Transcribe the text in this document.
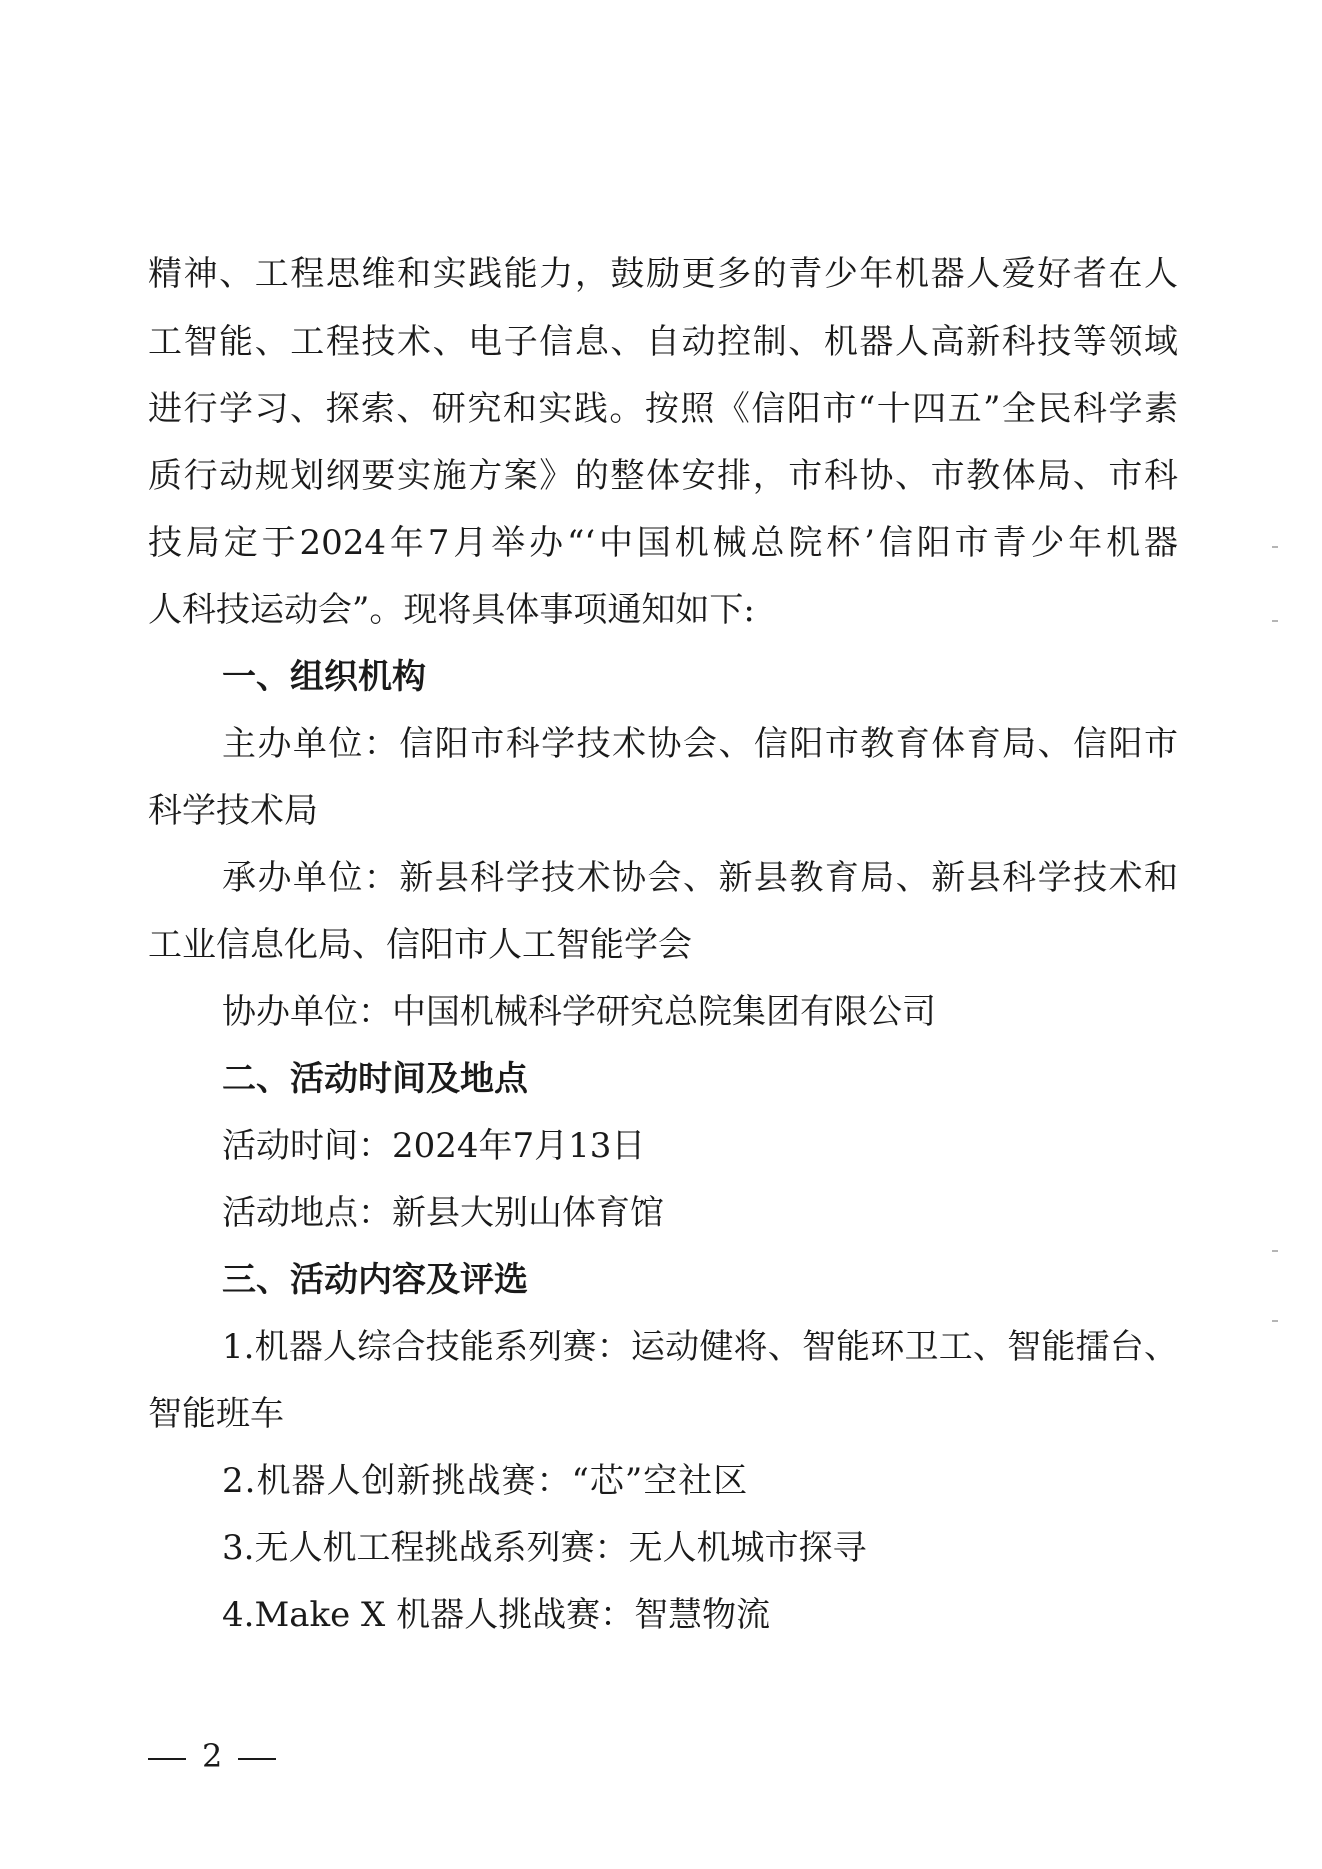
精神、工程思维和实践能力，鼓励更多的青少年机器人爱好者在人
工智能、工程技术、电子信息、自动控制、机器人高新科技等领域
进行学习、探索、研究和实践。按照《信阳市“十四五”全民科学素
质行动规划纲要实施方案》的整体安排，市科协、市教体局、市科
技局定于2024年7月举办“‘中国机械总院杯’信阳市青少年机器
人科技运动会”。现将具体事项通知如下:
一、组织机构
主办单位：信阳市科学技术协会、信阳市教育体育局、信阳市
科学技术局
承办单位：新县科学技术协会、新县教育局、新县科学技术和
工业信息化局、信阳市人工智能学会
协办单位：中国机械科学研究总院集团有限公司
二、活动时间及地点
活动时间：2024年7月13日
活动地点：新县大别山体育馆
三、活动内容及评选
1.机器人综合技能系列赛：运动健将、智能环卫工、智能擂台、
智能班车
2.机器人创新挑战赛：“芯”空社区
3.无人机工程挑战系列赛：无人机城市探寻
4.Make X 机器人挑战赛：智慧物流
2
